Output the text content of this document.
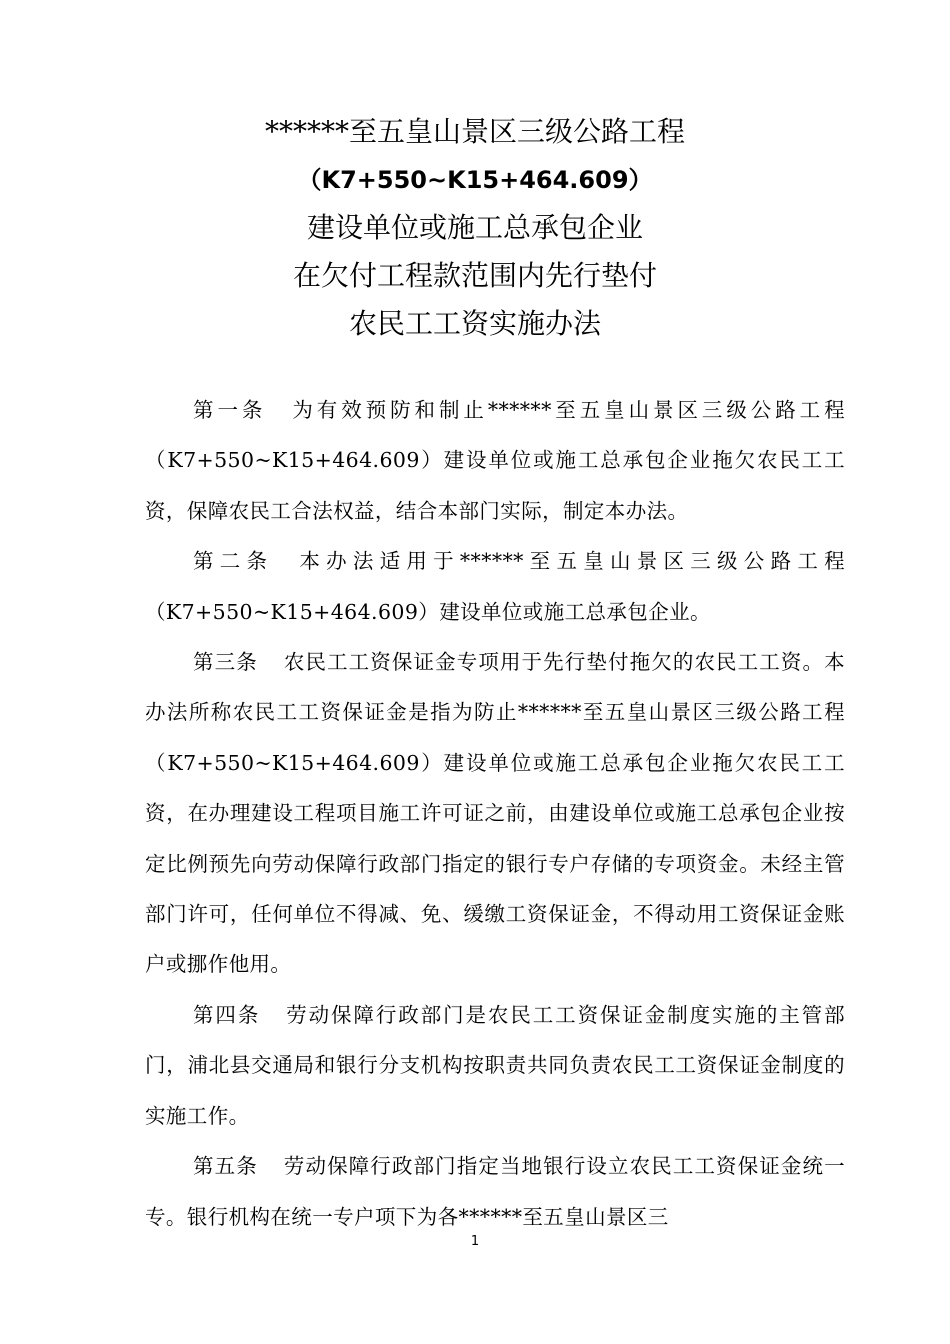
******至五皇山景区三级公路工程
（K7+550~K15+464.609）
建设单位或施工总承包企业
在欠付工程款范围内先行垫付
农民工工资实施办法

第一条 为有效预防和制止******至五皇山景区三级公路工程（K7+550~K15+464.609）建设单位或施工总承包企业拖欠农民工工资，保障农民工合法权益，结合本部门实际，制定本办法。

第二条 本办法适用于******至五皇山景区三级公路工程（K7+550~K15+464.609）建设单位或施工总承包企业。

第三条 农民工工资保证金专项用于先行垫付拖欠的农民工工资。本办法所称农民工工资保证金是指为防止******至五皇山景区三级公路工程（K7+550~K15+464.609）建设单位或施工总承包企业拖欠农民工工资，在办理建设工程项目施工许可证之前，由建设单位或施工总承包企业按定比例预先向劳动保障行政部门指定的银行专户存储的专项资金。未经主管部门许可，任何单位不得减、免、缓缴工资保证金，不得动用工资保证金账户或挪作他用。

第四条 劳动保障行政部门是农民工工资保证金制度实施的主管部门，浦北县交通局和银行分支机构按职责共同负责农民工工资保证金制度的实施工作。

第五条 劳动保障行政部门指定当地银行设立农民工工资保证金统一专。银行机构在统一专户项下为各******至五皇山景区三

1
